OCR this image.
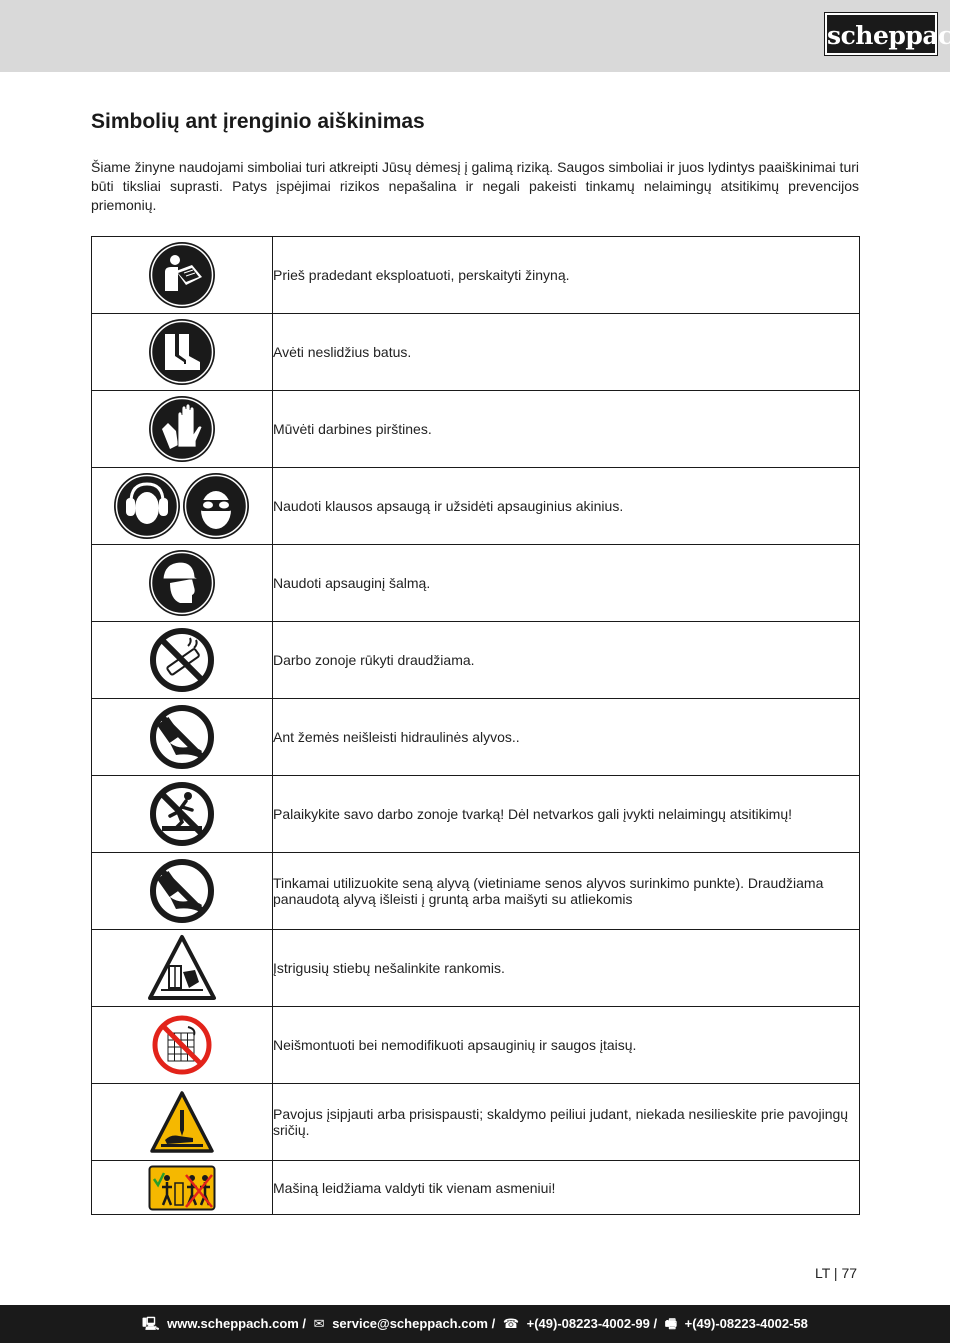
scheppach
Simbolių ant įrenginio aiškinimas

Šiame žinyne naudojami simboliai turi atkreipti Jūsų dėmesį į galimą riziką. Saugos simboliai ir juos lydintys paaiškinimai turi būti tiksliai suprasti. Patys įspėjimai rizikos nepašalina ir negali pakeisti tinkamų nelaimingų atsitikimų prevencijos priemonių.

	Prieš pradedant eksploatuoti, perskaityti žinyną.
	Avėti neslidžius batus.
	Mūvėti darbines pirštines.
	Naudoti klausos apsaugą ir užsidėti apsauginius akinius.
	Naudoti apsauginį šalmą.
	Darbo zonoje rūkyti draudžiama.
	Ant žemės neišleisti hidraulinės alyvos..
	Palaikykite savo darbo zonoje tvarką! Dėl netvarkos gali įvykti nelaimingų atsitikimų!
	Tinkamai utilizuokite seną alyvą (vietiniame senos alyvos surinkimo punkte). Draudžiama panaudotą alyvą išleisti į gruntą arba maišyti su atliekomis
	Įstrigusių stiebų nešalinkite rankomis.
	Neišmontuoti bei nemodifikuoti apsauginių ir saugos įtaisų.
	Pavojus įsipjauti arba prisispausti; skaldymo peiliui judant, niekada nesilieskite prie pavojingų sričių.
	Mašiną leidžiama valdyti tik vienam asmeniui!
LT | 77
🖳 www.scheppach.com / ✉ service@scheppach.com / ☎ +(49)-08223-4002-99 / 🖷 +(49)-08223-4002-58
